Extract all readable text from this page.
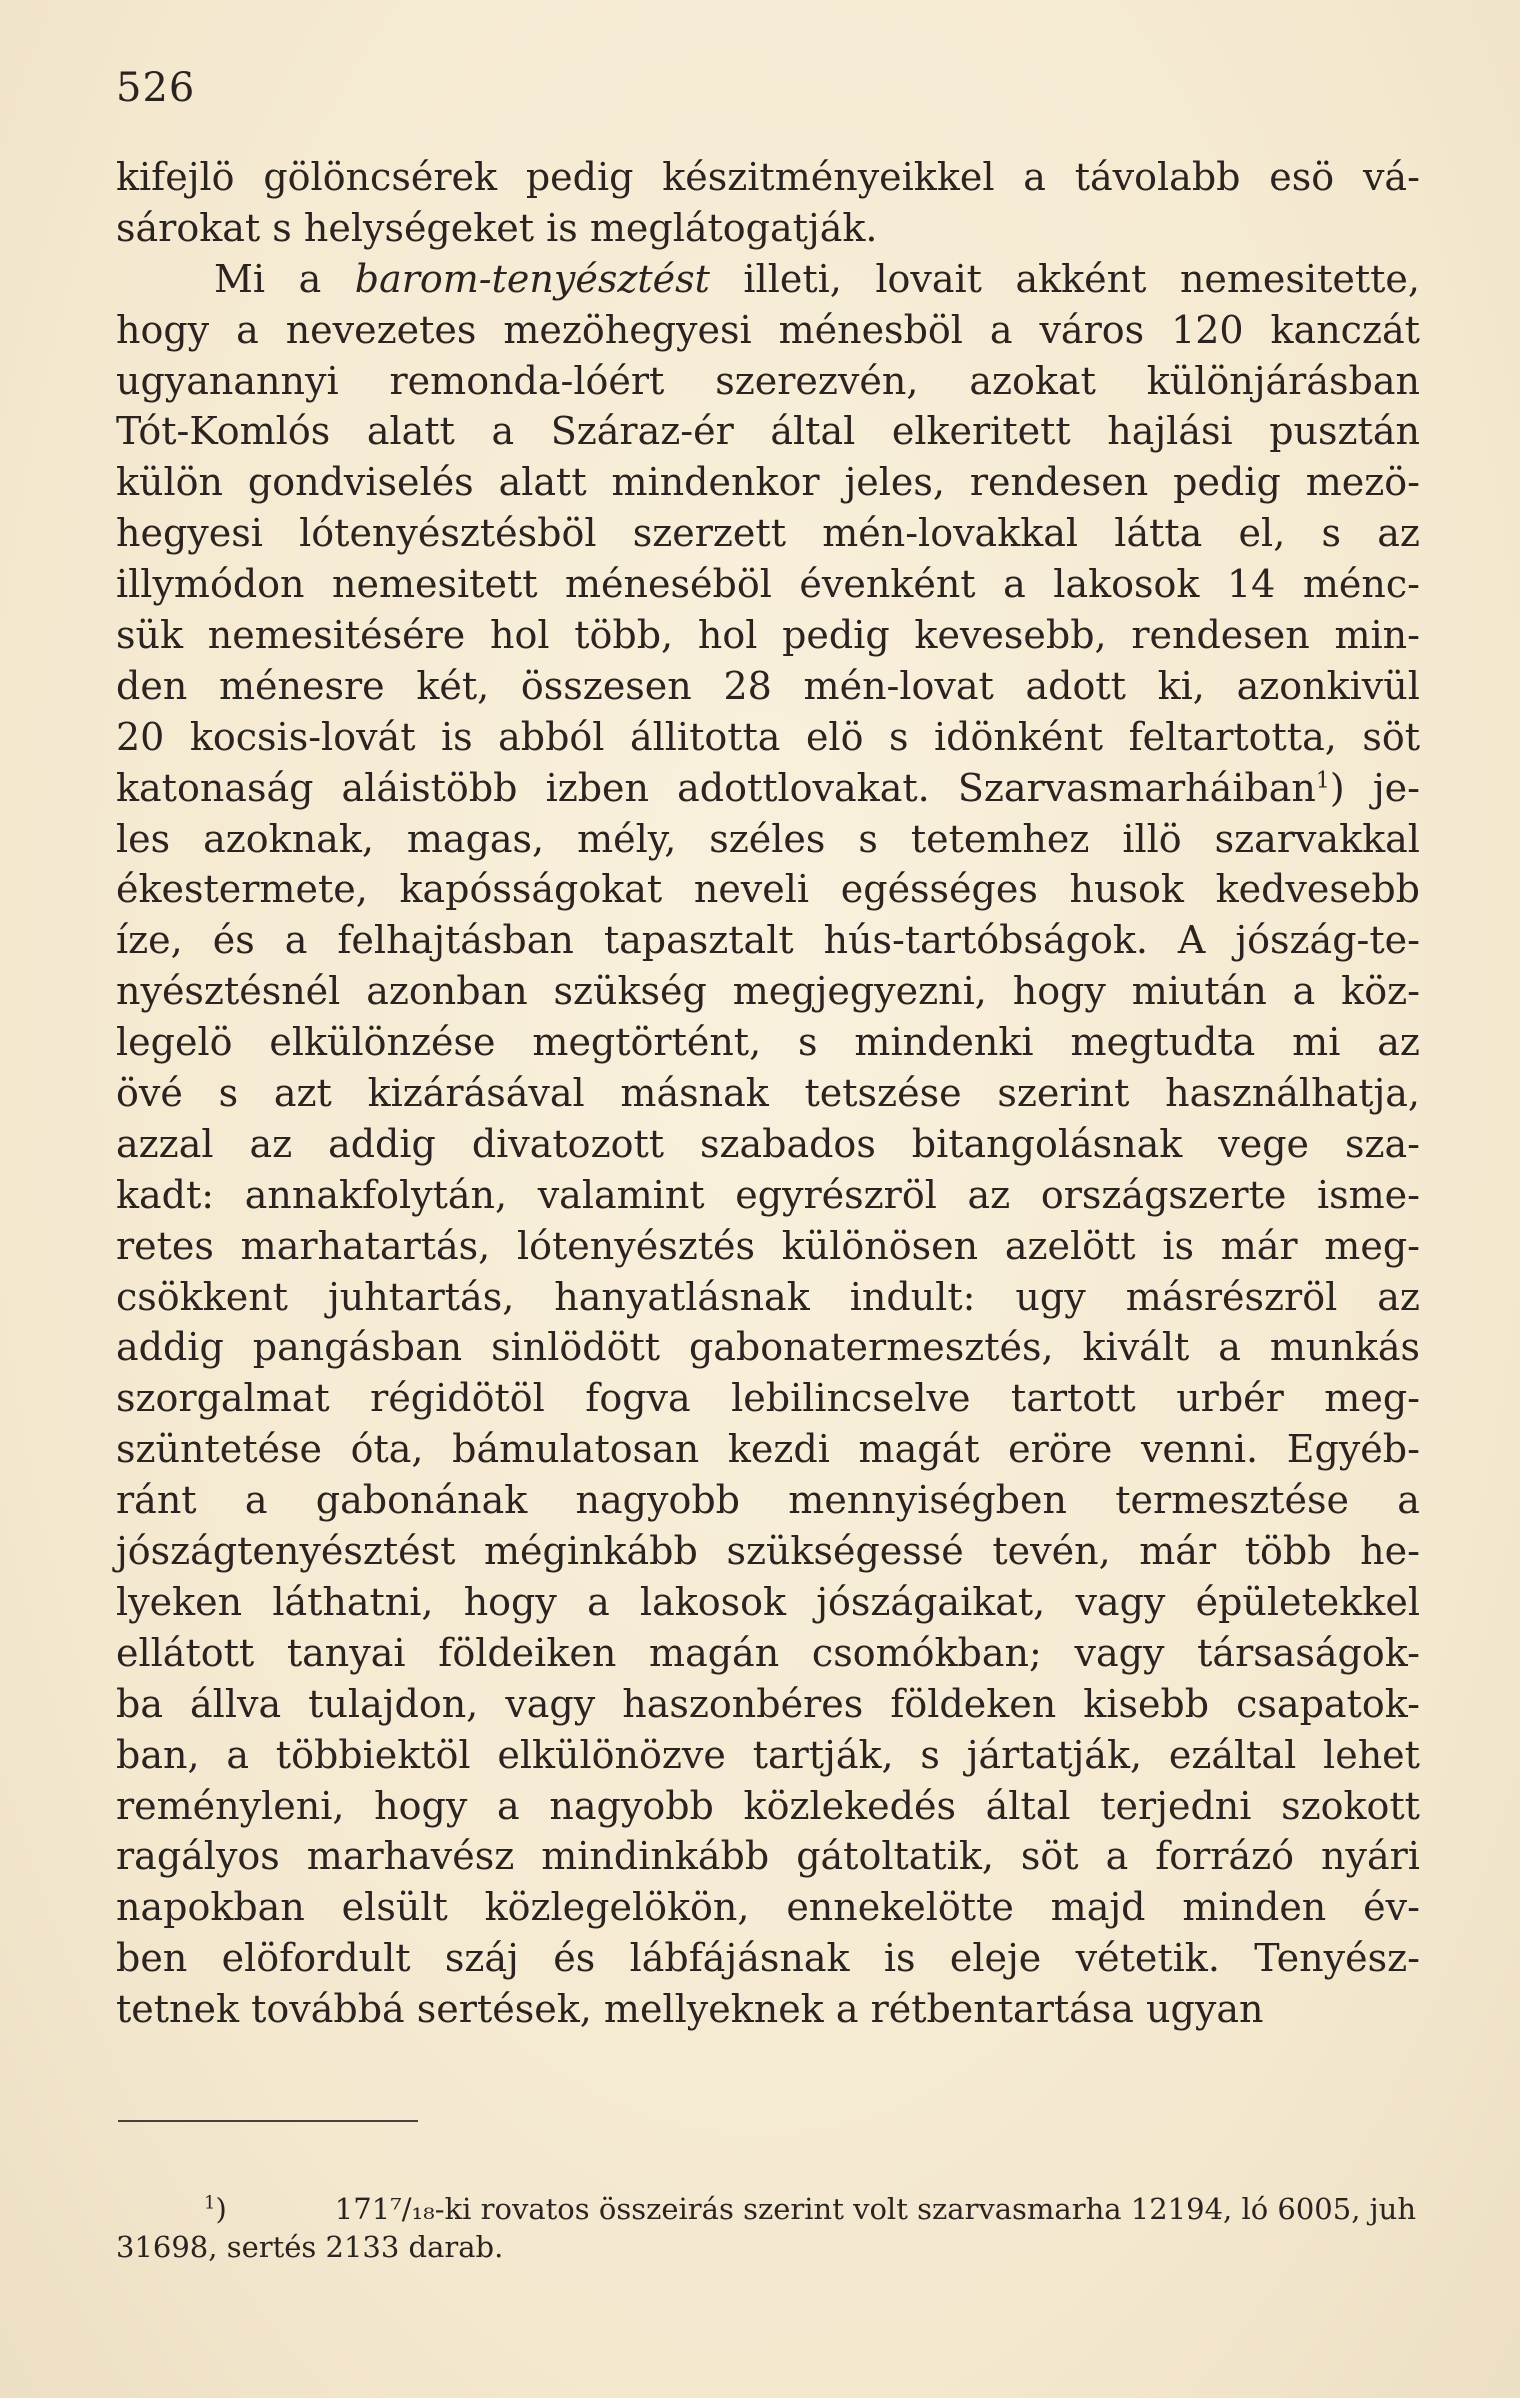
526
kifejlö gölöncsérek pedig készitményeikkel a távolabb esö vá-
sárokat
s
helységeket
is
meglátogatják.

Mi a barom-tenyésztést illeti, lovait akként nemesitette,
hogy a nevezetes mezöhegyesi ménesböl a város 120 kanczát
ugyanannyi remonda-lóért szerezvén, azokat különjárásban
Tót-Komlós alatt a Száraz-ér által elkeritett hajlási pusztán
külön gondviselés alatt mindenkor jeles, rendesen pedig mezö-
hegyesi lótenyésztésböl szerzett mén-lovakkal látta el, s az
illymódon nemesitett méneséböl évenként a lakosok 14 ménc-
sük nemesitésére hol több, hol pedig kevesebb, rendesen min-
den ménesre két, összesen 28 mén-lovat adott ki, azonkivül
20 kocsis-lovát is abból állitotta elö s idönként feltartotta, söt
katonaság aláistöbb izben adottlovakat. Szarvasmarháiban$^1$) je-
les azoknak, magas, mély, széles s tetemhez illö szarvakkal
ékestermete, kapósságokat neveli egésséges husok kedvesebb
íze, és a felhajtásban tapasztalt hús-tartóbságok. A jószág-te-
nyésztésnél azonban szükség megjegyezni, hogy miután a köz-
legelö elkülönzése megtörtént, s mindenki megtudta mi az
övé s azt kizárásával másnak tetszése szerint használhatja,
azzal az addig divatozott szabados bitangolásnak vege sza-
kadt: annakfolytán, valamint egyrészröl az országszerte isme-
retes marhatartás, lótenyésztés különösen azelött is már meg-
csökkent juhtartás, hanyatlásnak indult: ugy másrészröl az
addig pangásban sinlödött gabonatermesztés, kivált a munkás
szorgalmat régidötöl fogva lebilincselve tartott urbér meg-
szüntetése óta, bámulatosan kezdi magát eröre venni. Egyéb-
ránt a gabonának nagyobb mennyiségben termesztése a
jószágtenyésztést méginkább szükségessé tevén, már több he-
lyeken láthatni, hogy a lakosok jószágaikat, vagy épületekkel
ellátott tanyai földeiken magán csomókban; vagy társaságok-
ba állva tulajdon, vagy haszonbéres földeken kisebb csapatok-
ban, a többiektöl elkülönözve tartják, s jártatják, ezáltal lehet
reményleni, hogy a nagyobb közlekedés által terjedni szokott
ragályos marhavész mindinkább gátoltatik, söt a forrázó nyári
napokban elsült közlegelökön, ennekelötte majd minden év-
ben elöfordult száj és lábfájásnak is eleje vétetik. Tenyész-
tetnek
továbbá
sertések,
mellyeknek
a
rétbentartása
ugyan

$^1$)	171⁷/₁₈-ki rovatos összeirás szerint volt szarvasmarha 12194, ló 6005, juh
31698, sertés 2133 darab.
